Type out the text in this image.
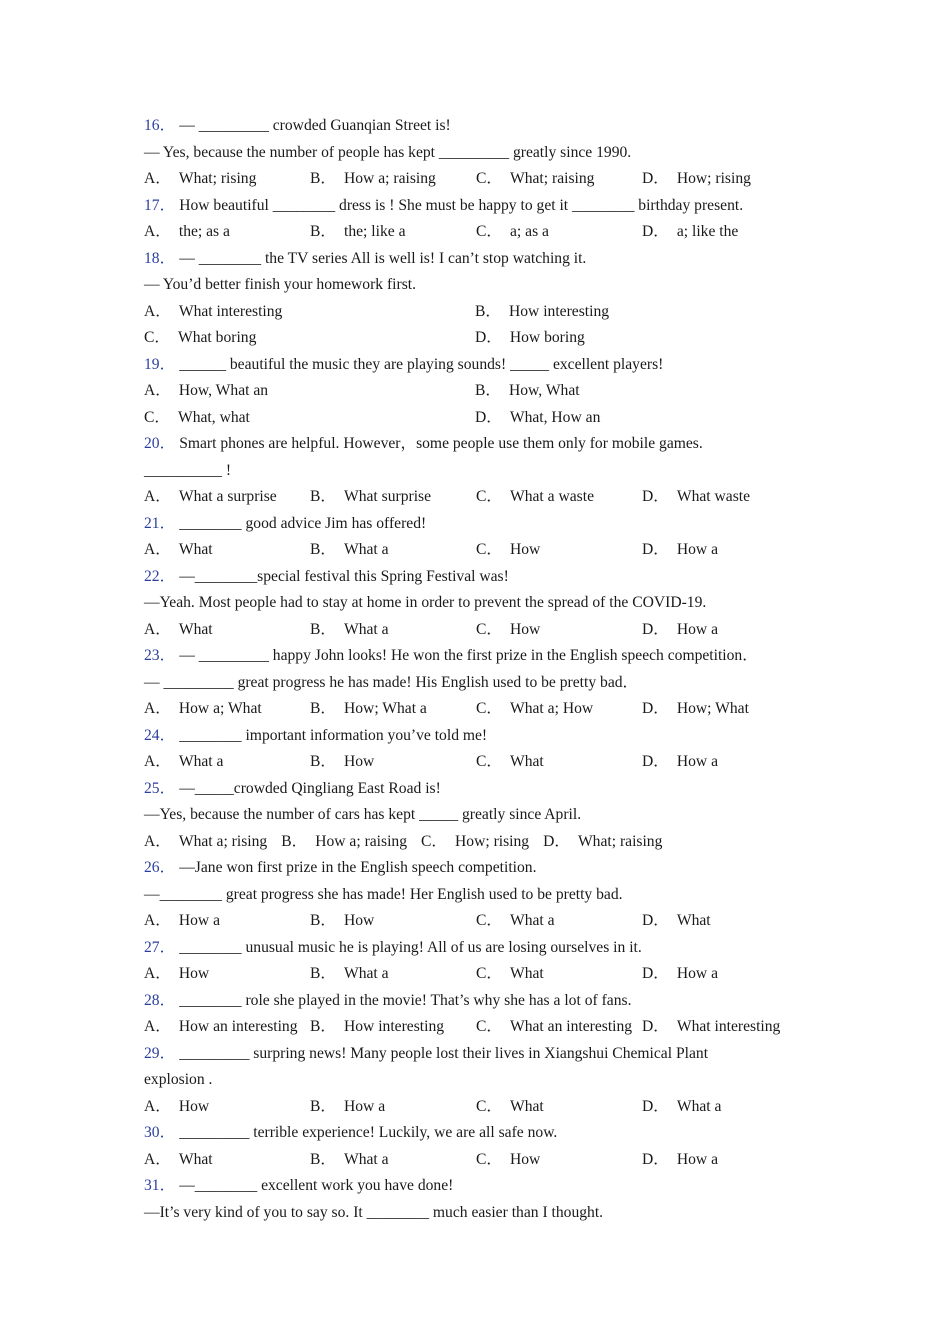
16． — _________ crowded Guanqian Street is!
— Yes, because the number of people has kept _________ greatly since 1990.
A． What; rising	B． How a; raising	C． What; raising	D． How; rising
17． How beautiful ________ dress is ! She must be happy to get it ________ birthday present.
A． the; as a	B． the; like a	C． a; as a	D． a; like the
18． — ________ the TV series All is well is! I can’t stop watching it.
— You’d better finish your homework first.
A． What interesting	B． How interesting
C． What boring	D． How boring
19． ______ beautiful the music they are playing sounds! _____ excellent players!
A． How, What an	B． How, What
C． What, what	D． What, How an
20． Smart phones are helpful. However，some people use them only for mobile games.
__________ !
A． What a surprise	B． What surprise	C． What a waste	D． What waste
21． ________ good advice Jim has offered!
A． What	B． What a	C． How	D． How a
22． —________special festival this Spring Festival was!
—Yeah. Most people had to stay at home in order to prevent the spread of the COVID-19.
A． What	B． What a	C． How	D． How a
23． — _________ happy John looks! He won the first prize in the English speech competition．
— _________ great progress he has made! His English used to be pretty bad．
A． How a; What	B． How; What a	C． What a; How	D． How; What
24． ________ important information you’ve told me!
A． What a	B． How	C． What	D． How a
25． —_____crowded Qingliang East Road is!
—Yes, because the number of cars has kept _____ greatly since April.
A． What a; rising B． How a; raising C． How; rising D． What; raising
26． —Jane won first prize in the English speech competition.
—________ great progress she has made! Her English used to be pretty bad.
A． How a	B． How	C． What a	D． What
27． ________ unusual music he is playing! All of us are losing ourselves in it.
A． How	B． What a	C． What	D． How a
28． ________ role she played in the movie! That’s why she has a lot of fans.
A． How an interesting B． How interesting	C． What an interesting D． What interesting
29． _________ surpring news! Many people lost their lives in Xiangshui Chemical Plant
explosion .
A． How	B． How a	C． What	D． What a
30． _________ terrible experience! Luckily, we are all safe now.
A． What	B． What a	C． How	D． How a
31． —________ excellent work you have done!
—It’s very kind of you to say so. It ________ much easier than I thought.
